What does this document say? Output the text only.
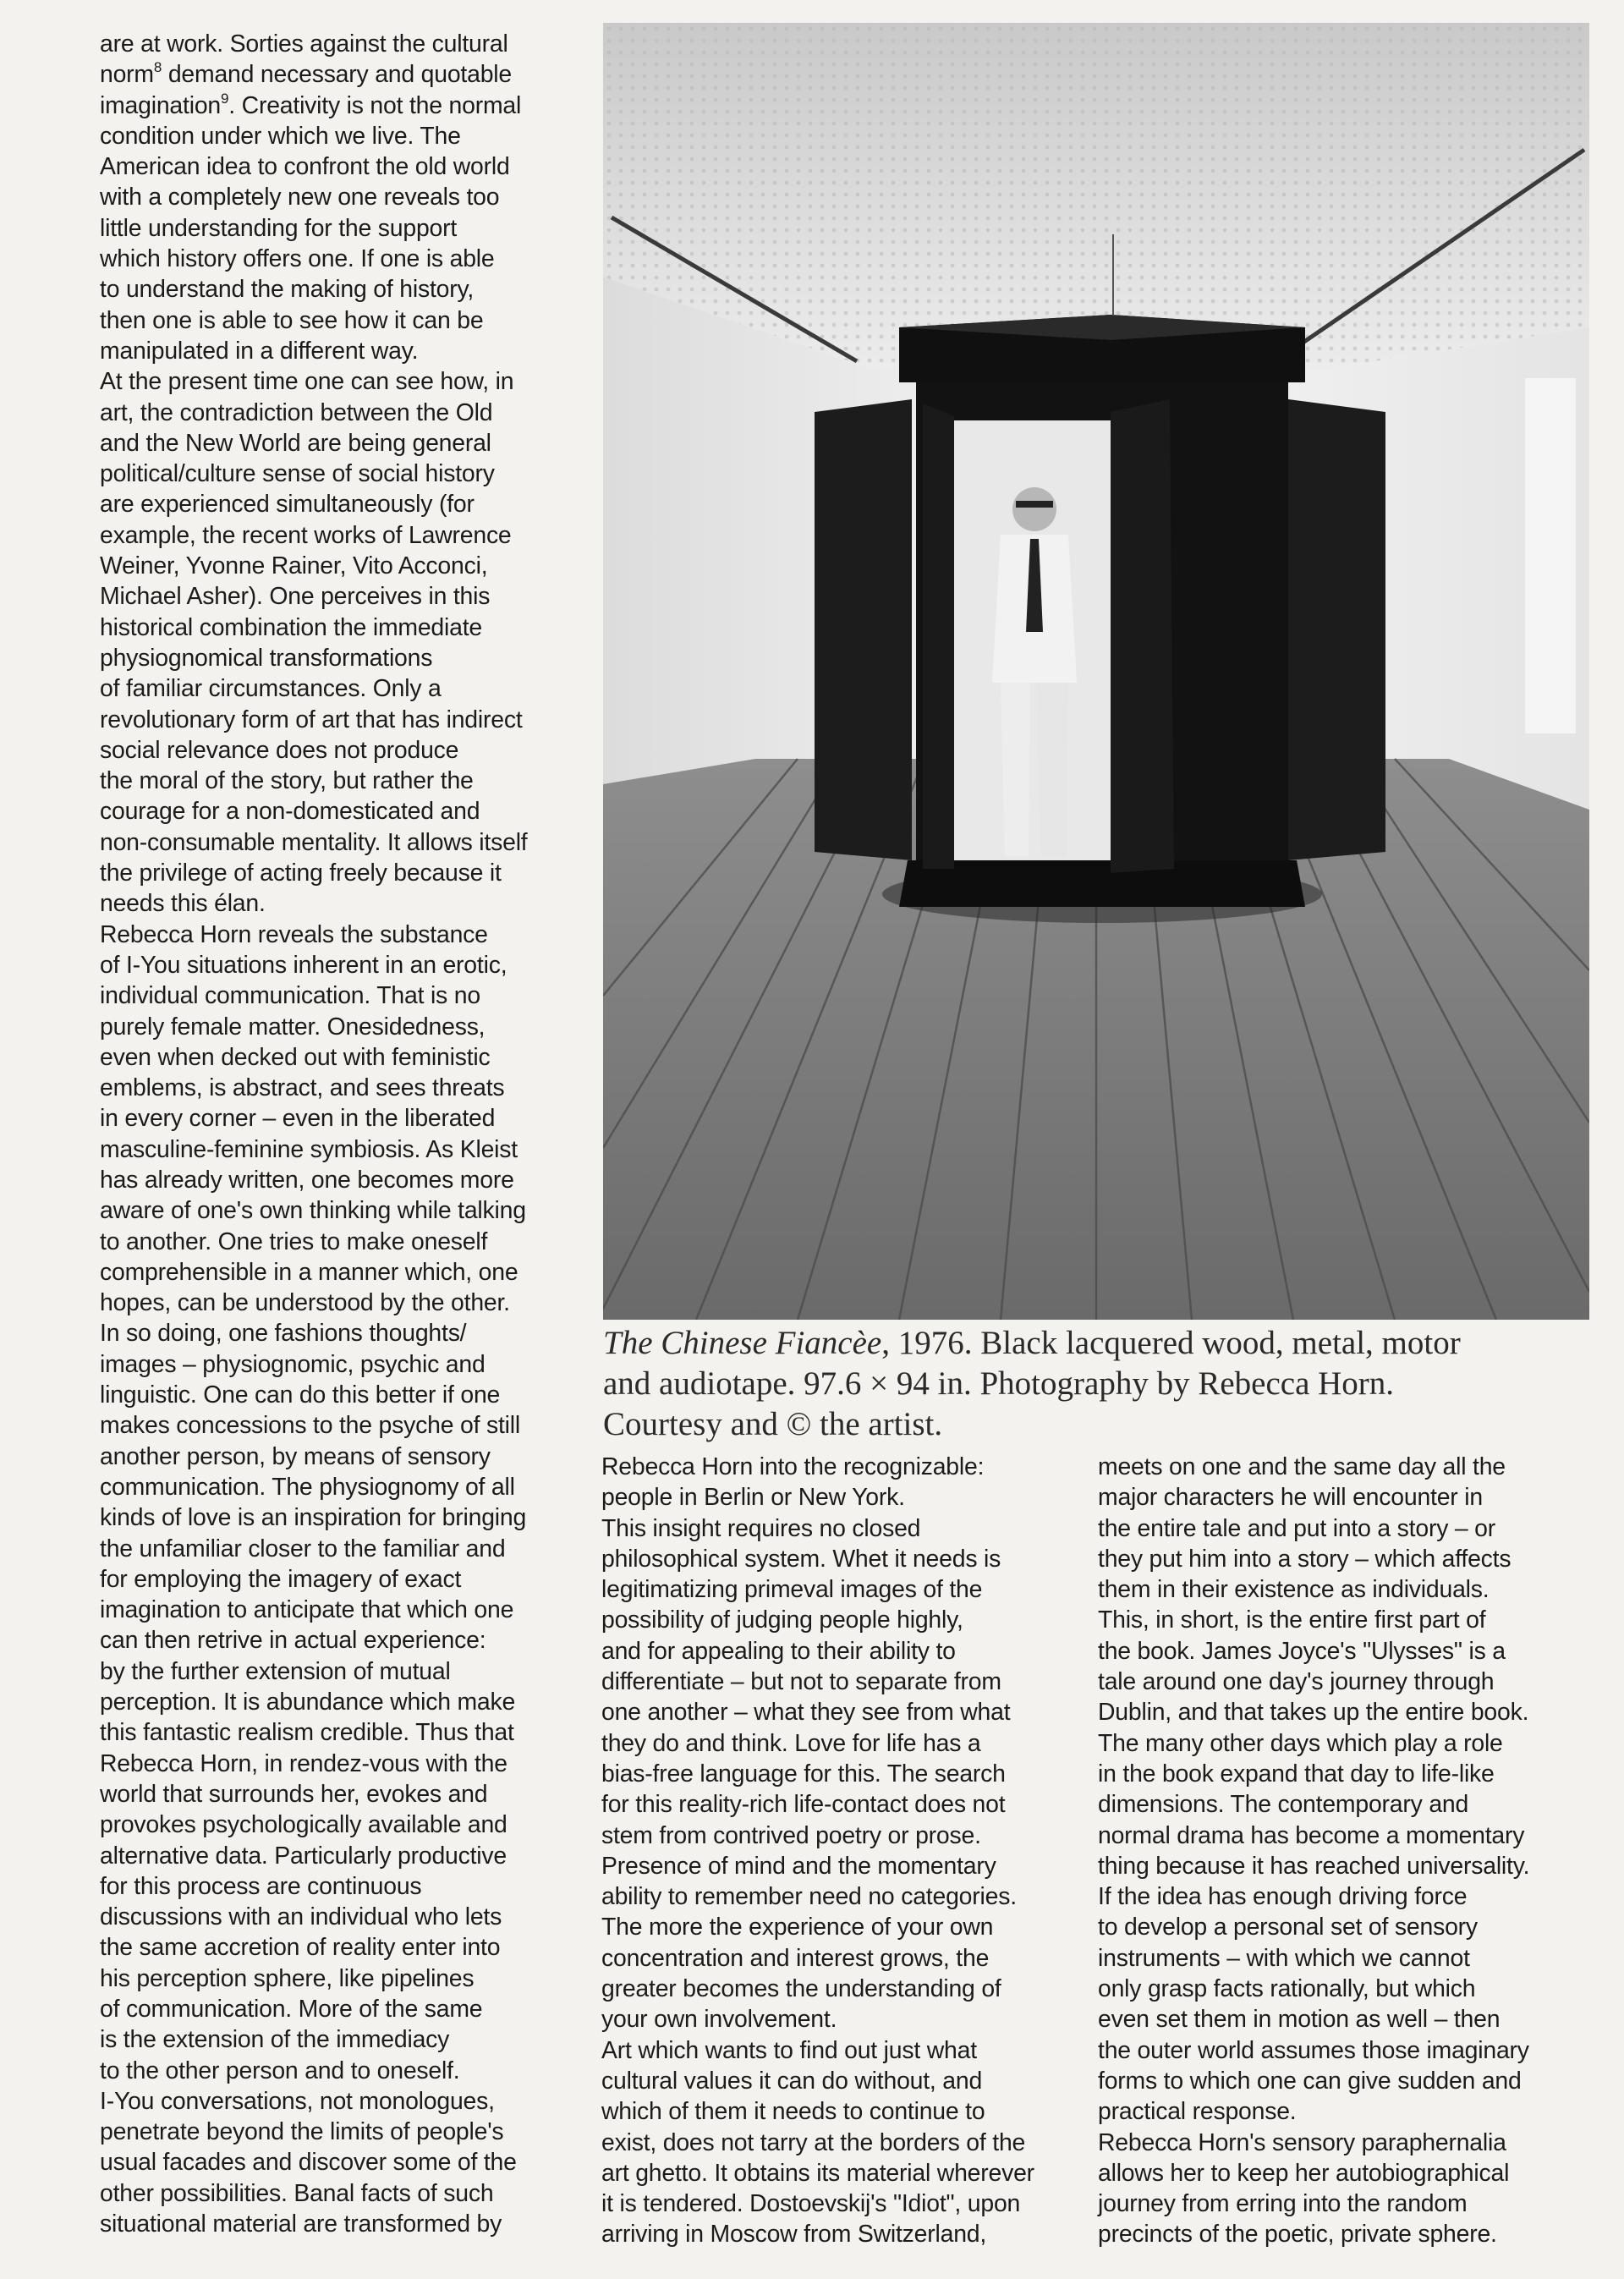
are at work. Sorties against the cultural
norm$^8$ demand necessary and quotable
imagination$^9$. Creativity is not the normal
condition under which we live. The
American idea to confront the old world
with a completely new one reveals too
little understanding for the support
which history offers one. If one is able
to understand the making of history,
then one is able to see how it can be
manipulated in a different way.
At the present time one can see how, in
art, the contradiction between the Old
and the New World are being general
political/culture sense of social history
are experienced simultaneously (for
example, the recent works of Lawrence
Weiner, Yvonne Rainer, Vito Acconci,
Michael Asher). One perceives in this
historical combination the immediate
physiognomical transformations
of familiar circumstances. Only a
revolutionary form of art that has indirect
social relevance does not produce
the moral of the story, but rather the
courage for a non-domesticated and
non-consumable mentality. It allows itself
the privilege of acting freely because it
needs this élan.
Rebecca Horn reveals the substance
of I-You situations inherent in an erotic,
individual communication. That is no
purely female matter. Onesidedness,
even when decked out with feministic
emblems, is abstract, and sees threats
in every corner – even in the liberated
masculine-feminine symbiosis. As Kleist
has already written, one becomes more
aware of one's own thinking while talking
to another. One tries to make oneself
comprehensible in a manner which, one
hopes, can be understood by the other.
In so doing, one fashions thoughts/
images – physiognomic, psychic and
linguistic. One can do this better if one
makes concessions to the psyche of still
another person, by means of sensory
communication. The physiognomy of all
kinds of love is an inspiration for bringing
the unfamiliar closer to the familiar and
for employing the imagery of exact
imagination to anticipate that which one
can then retrive in actual experience:
by the further extension of mutual
perception. It is abundance which make
this fantastic realism credible. Thus that
Rebecca Horn, in rendez-vous with the
world that surrounds her, evokes and
provokes psychologically available and
alternative data. Particularly productive
for this process are continuous
discussions with an individual who lets
the same accretion of reality enter into
his perception sphere, like pipelines
of communication. More of the same
is the extension of the immediacy
to the other person and to oneself.
I-You conversations, not monologues,
penetrate beyond the limits of people's
usual facades and discover some of the
other possibilities. Banal facts of such
situational material are transformed by
The Chinese Fiancèe, 1976. Black lacquered wood, metal, motor
and audiotape. 97.6 × 94 in. Photography by Rebecca Horn.
Courtesy and © the artist.
Rebecca Horn into the recognizable:
people in Berlin or New York.
This insight requires no closed
philosophical system. Whet it needs is
legitimatizing primeval images of the
possibility of judging people highly,
and for appealing to their ability to
differentiate – but not to separate from
one another – what they see from what
they do and think. Love for life has a
bias-free language for this. The search
for this reality-rich life-contact does not
stem from contrived poetry or prose.
Presence of mind and the momentary
ability to remember need no categories.
The more the experience of your own
concentration and interest grows, the
greater becomes the understanding of
your own involvement.
Art which wants to find out just what
cultural values it can do without, and
which of them it needs to continue to
exist, does not tarry at the borders of the
art ghetto. It obtains its material wherever
it is tendered. Dostoevskij's "Idiot", upon
arriving in Moscow from Switzerland,
meets on one and the same day all the
major characters he will encounter in
the entire tale and put into a story – or
they put him into a story – which affects
them in their existence as individuals.
This, in short, is the entire first part of
the book. James Joyce's "Ulysses" is a
tale around one day's journey through
Dublin, and that takes up the entire book.
The many other days which play a role
in the book expand that day to life-like
dimensions. The contemporary and
normal drama has become a momentary
thing because it has reached universality.
If the idea has enough driving force
to develop a personal set of sensory
instruments – with which we cannot
only grasp facts rationally, but which
even set them in motion as well – then
the outer world assumes those imaginary
forms to which one can give sudden and
practical response.
Rebecca Horn's sensory paraphernalia
allows her to keep her autobiographical
journey from erring into the random
precincts of the poetic, private sphere.
